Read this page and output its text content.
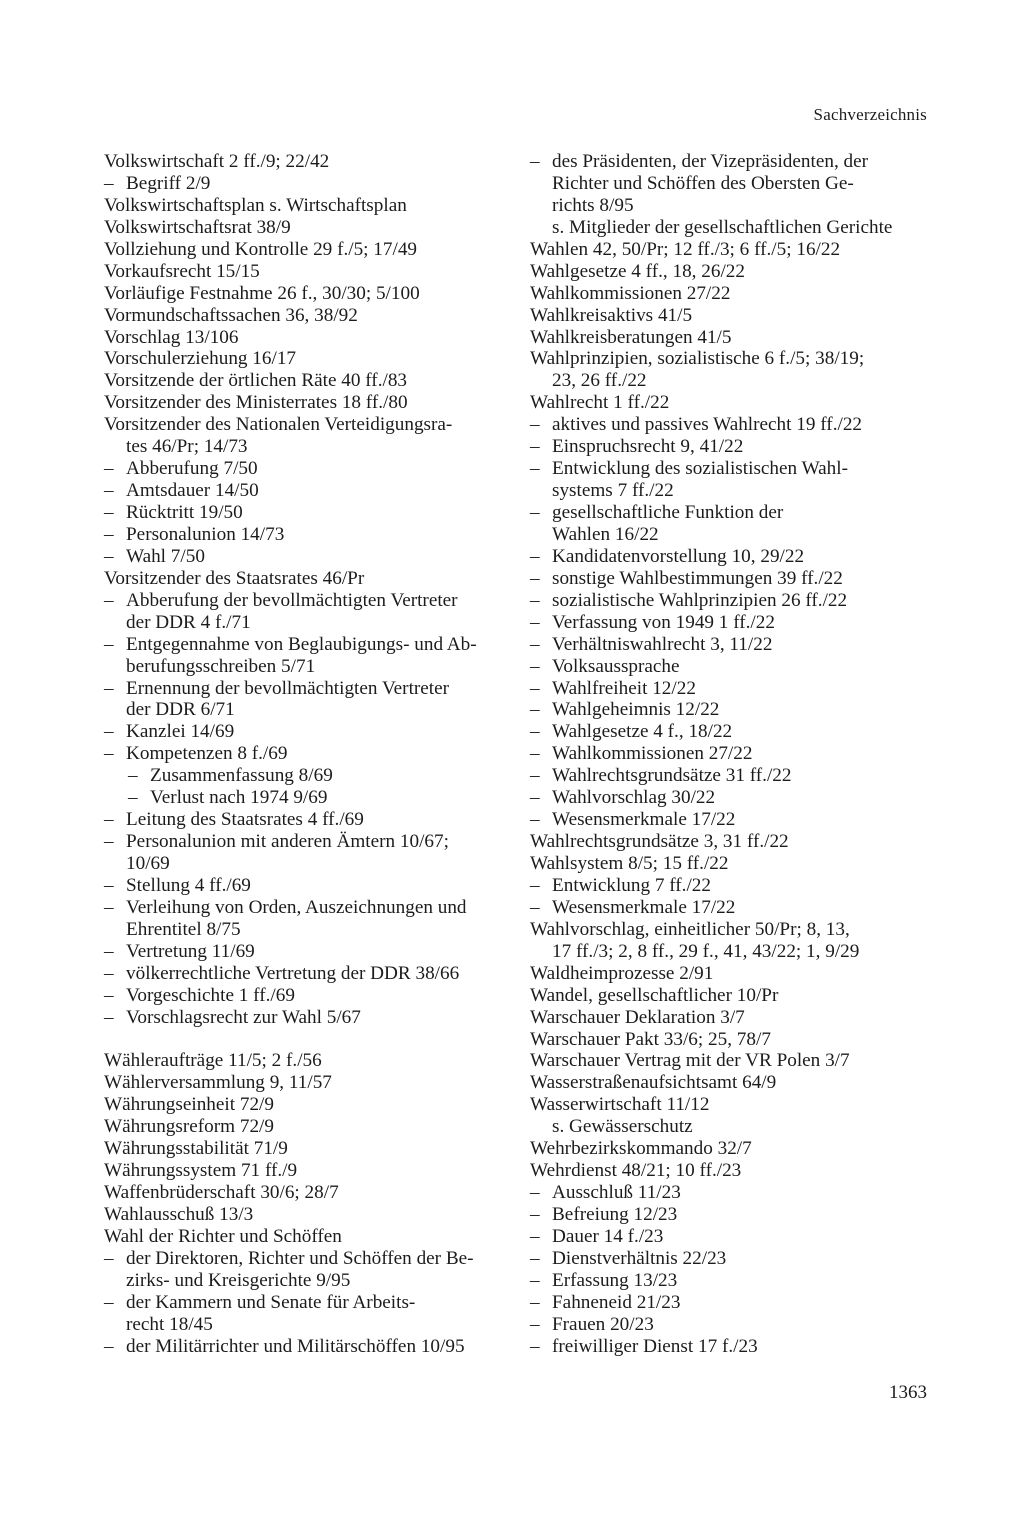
Sachverzeichnis
Volkswirtschaft 2 ff./9; 22/42
– Begriff 2/9
Volkswirtschaftsplan s. Wirtschaftsplan
Volkswirtschaftsrat 38/9
Vollziehung und Kontrolle 29 f./5; 17/49
Vorkaufsrecht 15/15
Vorläufige Festnahme 26 f., 30/30; 5/100
Vormundschaftssachen 36, 38/92
Vorschlag 13/106
Vorschulerziehung 16/17
Vorsitzende der örtlichen Räte 40 ff./83
Vorsitzender des Ministerrates 18 ff./80
Vorsitzender des Nationalen Verteidigungsra-
tes 46/Pr; 14/73
– Abberufung 7/50
– Amtsdauer 14/50
– Rücktritt 19/50
– Personalunion 14/73
– Wahl 7/50
Vorsitzender des Staatsrates 46/Pr
– Abberufung der bevollmächtigten Vertreter
der DDR 4 f./71
– Entgegennahme von Beglaubigungs- und Ab-
berufungsschreiben 5/71
– Ernennung der bevollmächtigten Vertreter
der DDR 6/71
– Kanzlei 14/69
– Kompetenzen 8 f./69
– Zusammenfassung 8/69
– Verlust nach 1974 9/69
– Leitung des Staatsrates 4 ff./69
– Personalunion mit anderen Ämtern 10/67;
10/69
– Stellung 4 ff./69
– Verleihung von Orden, Auszeichnungen und
Ehrentitel 8/75
– Vertretung 11/69
– völkerrechtliche Vertretung der DDR 38/66
– Vorgeschichte 1 ff./69
– Vorschlagsrecht zur Wahl 5/67
Wähleraufträge 11/5; 2 f./56
Wählerversammlung 9, 11/57
Währungseinheit 72/9
Währungsreform 72/9
Währungsstabilität 71/9
Währungssystem 71 ff./9
Waffenbrüderschaft 30/6; 28/7
Wahlausschuß 13/3
Wahl der Richter und Schöffen
– der Direktoren, Richter und Schöffen der Be-
zirks- und Kreisgerichte 9/95
– der Kammern und Senate für Arbeits-
recht 18/45
– der Militärrichter und Militärschöffen 10/95
– des Präsidenten, der Vizepräsidenten, der
Richter und Schöffen des Obersten Ge-
richts 8/95
s. Mitglieder der gesellschaftlichen Gerichte
Wahlen 42, 50/Pr; 12 ff./3; 6 ff./5; 16/22
Wahlgesetze 4 ff., 18, 26/22
Wahlkommissionen 27/22
Wahlkreisaktivs 41/5
Wahlkreisberatungen 41/5
Wahlprinzipien, sozialistische 6 f./5; 38/19;
23, 26 ff./22
Wahlrecht 1 ff./22
– aktives und passives Wahlrecht 19 ff./22
– Einspruchsrecht 9, 41/22
– Entwicklung des sozialistischen Wahl-
systems 7 ff./22
– gesellschaftliche Funktion der
Wahlen 16/22
– Kandidatenvorstellung 10, 29/22
– sonstige Wahlbestimmungen 39 ff./22
– sozialistische Wahlprinzipien 26 ff./22
– Verfassung von 1949 1 ff./22
– Verhältniswahlrecht 3, 11/22
– Volksaussprache
– Wahlfreiheit 12/22
– Wahlgeheimnis 12/22
– Wahlgesetze 4 f., 18/22
– Wahlkommissionen 27/22
– Wahlrechtsgrundsätze 31 ff./22
– Wahlvorschlag 30/22
– Wesensmerkmale 17/22
Wahlrechtsgrundsätze 3, 31 ff./22
Wahlsystem 8/5; 15 ff./22
– Entwicklung 7 ff./22
– Wesensmerkmale 17/22
Wahlvorschlag, einheitlicher 50/Pr; 8, 13,
17 ff./3; 2, 8 ff., 29 f., 41, 43/22; 1, 9/29
Waldheimprozesse 2/91
Wandel, gesellschaftlicher 10/Pr
Warschauer Deklaration 3/7
Warschauer Pakt 33/6; 25, 78/7
Warschauer Vertrag mit der VR Polen 3/7
Wasserstraßenaufsichtsamt 64/9
Wasserwirtschaft 11/12
s. Gewässerschutz
Wehrbezirkskommando 32/7
Wehrdienst 48/21; 10 ff./23
– Ausschluß 11/23
– Befreiung 12/23
– Dauer 14 f./23
– Dienstverhältnis 22/23
– Erfassung 13/23
– Fahneneid 21/23
– Frauen 20/23
– freiwilliger Dienst 17 f./23
1363
